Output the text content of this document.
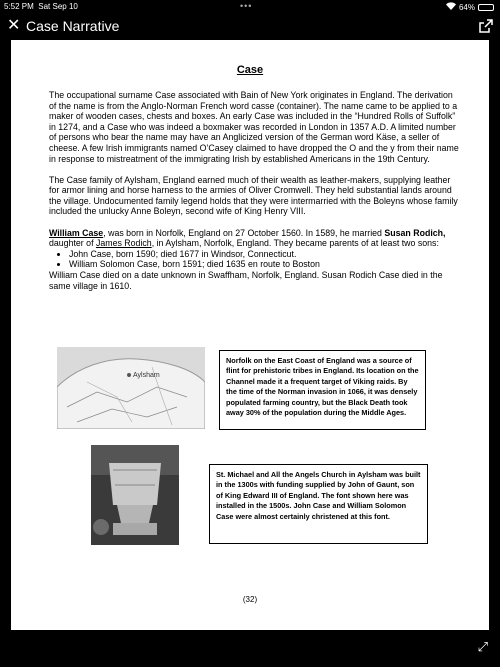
5:52 PM Sat Sep 10	•••	64%
✕ Case Narrative
Case

The occupational surname Case associated with Bain of New York originates in England. The derivation of the name is from the Anglo-Norman French word casse (container). The name came to be applied to a maker of wooden cases, chests and boxes. An early Case was included in the “Hundred Rolls of Suffolk” in 1274, and a Case who was indeed a boxmaker was recorded in London in 1357 A.D. A limited number of persons who bear the name may have an Anglicized version of the German word Käse, a seller of cheese. A few Irish immigrants named O’Casey claimed to have dropped the O and the y from their name in response to mistreatment of the immigrating Irish by established Americans in the 19th Century.

The Case family of Aylsham, England earned much of their wealth as leather-makers, supplying leather for armor lining and horse harness to the armies of Oliver Cromwell. They held substantial lands around the village. Undocumented family legend holds that they were intermarried with the Boleyns whose family included the unlucky Anne Boleyn, second wife of King Henry VIII.

William Case, was born in Norfolk, England on 27 October 1560. In 1589, he married Susan Rodich, daughter of James Rodich, in Aylsham, Norfolk, England. They became parents of at least two sons:
• John Case, born 1590; died 1677 in Windsor, Connecticut.
• William Solomon Case, born 1591; died 1635 en route to Boston
William Case died on a date unknown in Swaffham, Norfolk, England. Susan Rodich Case died in the same village in 1610.
Aylsham
Norfolk on the East Coast of England was a source of flint for prehistoric tribes in England. Its location on the Channel made it a frequent target of Viking raids. By the time of the Norman invasion in 1066, it was densely populated farming country, but the Black Death took away 30% of the population during the Middle Ages.
St. Michael and All the Angels Church in Aylsham was built in the 1300s with funding supplied by John of Gaunt, son of King Edward III of England. The font shown here was installed in the 1500s. John Case and William Solomon Case were almost certainly christened at this font.
(32)
⤢
